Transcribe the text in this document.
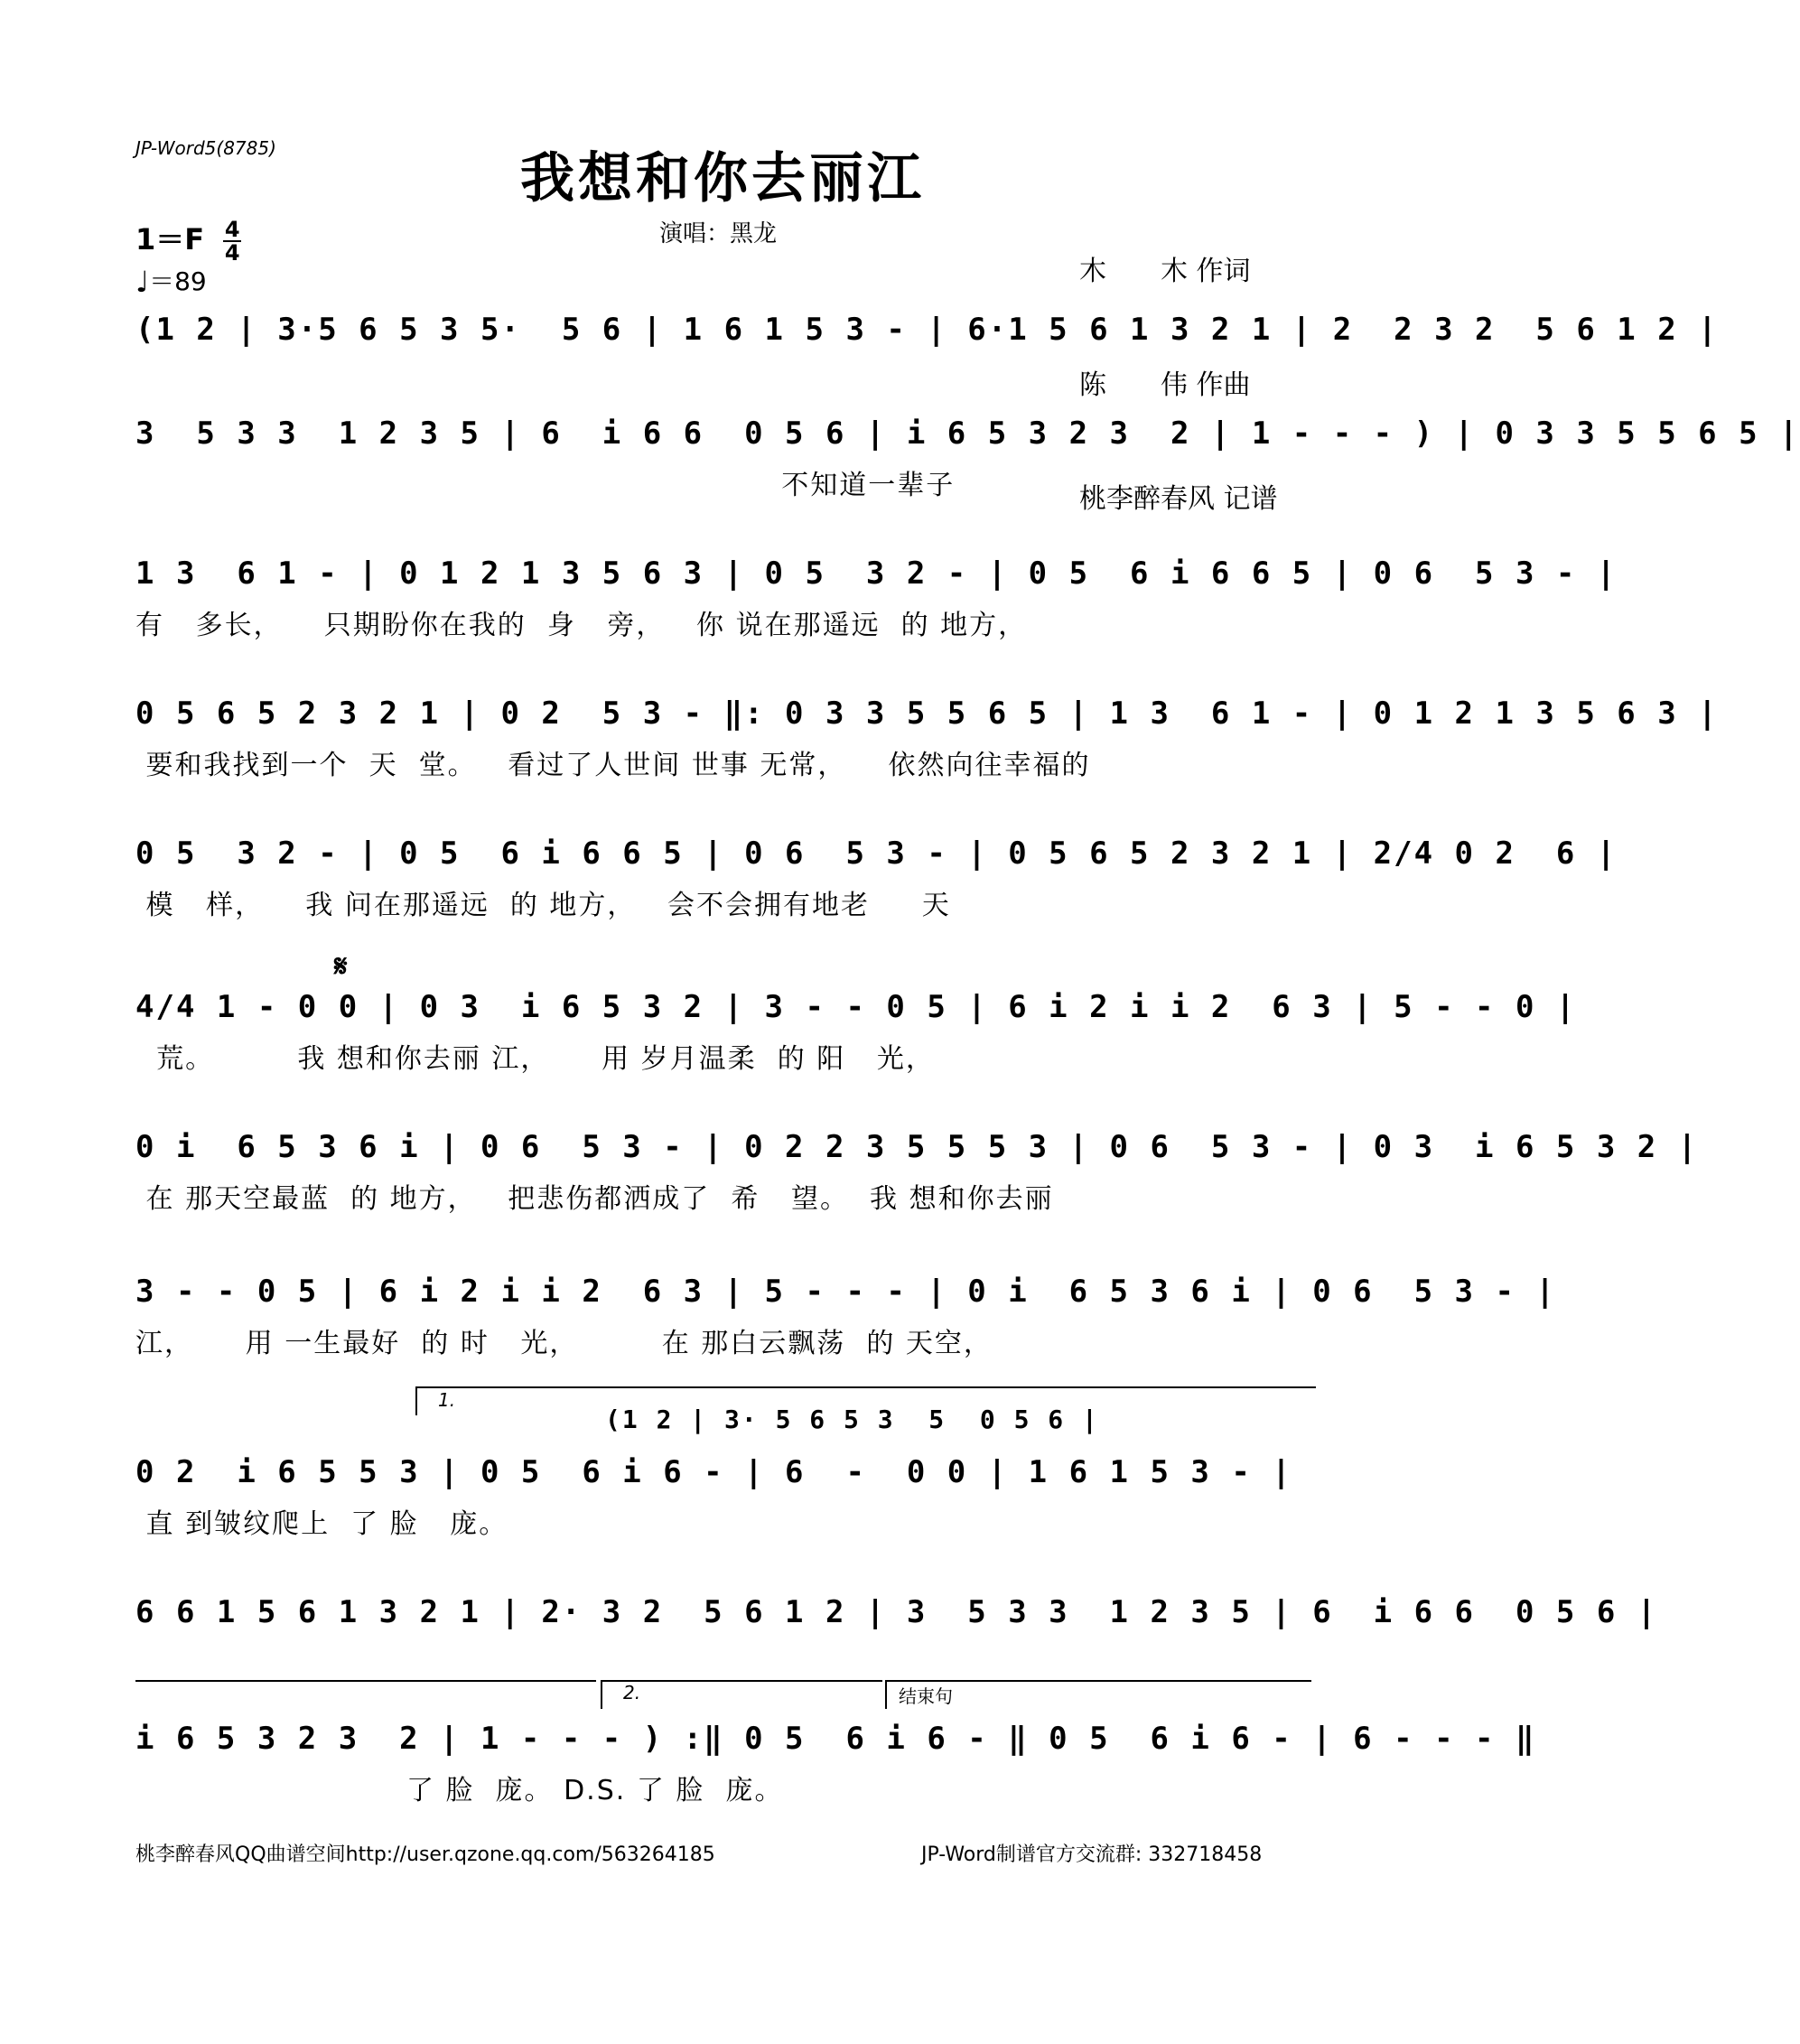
JP-Word5(8785)	我想和你去丽江
演唱：黑龙

木　　木 作词

陈　　伟 作曲

桃李醉春风 记谱

$1=F \frac{4}{4}$
♩＝89
(1 2 | 3·5 6 5 3 5·  5 6 | 1 6 1 5 3 - | 6·1 5 6 1 3 2 1 | 2  2 3 2  5 6 1 2 |
3  5 3 3  1 2 3 5 | 6  i 6 6  0 5 6 | i 6 5 3 2 3  2 | 1 - - - ) | 0 3 3 5 5 6 5 |
不知道一辈子
1 3  6 1 - | 0 1 2 1 3 5 6 3 | 0 5  3 2 - | 0 5  6 i 6 6 5 | 0 6  5 3 - |
有   多长，    只期盼你在我的  身   旁，   你 说在那遥远  的 地方，
0 5 6 5 2 3 2 1 | 0 2  5 3 - ‖: 0 3 3 5 5 6 5 | 1 3  6 1 - | 0 1 2 1 3 5 6 3 |
要和我找到一个  天  堂。   看过了人世间 世事 无常，    依然向往幸福的
0 5  3 2 - | 0 5  6 i 6 6 5 | 0 6  5 3 - | 0 5 6 5 2 3 2 1 | 2/4 0 2  6 |
模   样，    我 问在那遥远  的 地方，   会不会拥有地老     天
𝄋
4/4 1 - 0 0 | 0 3  i 6 5 3 2 | 3 - - 0 5 | 6 i 2 i i 2  6 3 | 5 - - 0 |
荒。        我 想和你去丽 江，     用 岁月温柔  的 阳   光，
0 i  6 5 3 6 i | 0 6  5 3 - | 0 2 2 3 5 5 5 3 | 0 6  5 3 - | 0 3  i 6 5 3 2 |
在 那天空最蓝  的 地方，   把悲伤都洒成了  希   望。  我 想和你去丽
3 - - 0 5 | 6 i 2 i i 2  6 3 | 5 - - - | 0 i  6 5 3 6 i | 0 6  5 3 - |
江，     用 一生最好  的 时   光，        在 那白云飘荡  的 天空，
1.
(1 2 | 3· 5 6 5 3  5  0 5 6 |
0 2  i 6 5 5 3 | 0 5  6 i 6 - | 6  -  0 0 | 1 6 1 5 3 - |
直 到皱纹爬上  了 脸   庞。
6 6 1 5 6 1 3 2 1 | 2· 3 2  5 6 1 2 | 3  5 3 3  1 2 3 5 | 6  i 6 6  0 5 6 |
2.	结束句
i 6 5 3 2 3  2 | 1 - - - ) :‖ 0 5  6 i 6 - ‖ 0 5  6 i 6 - | 6 - - - ‖
了 脸  庞。 D.S. 了 脸  庞。
桃李醉春风QQ曲谱空间http://user.qzone.qq.com/563264185	JP-Word制谱官方交流群: 332718458
